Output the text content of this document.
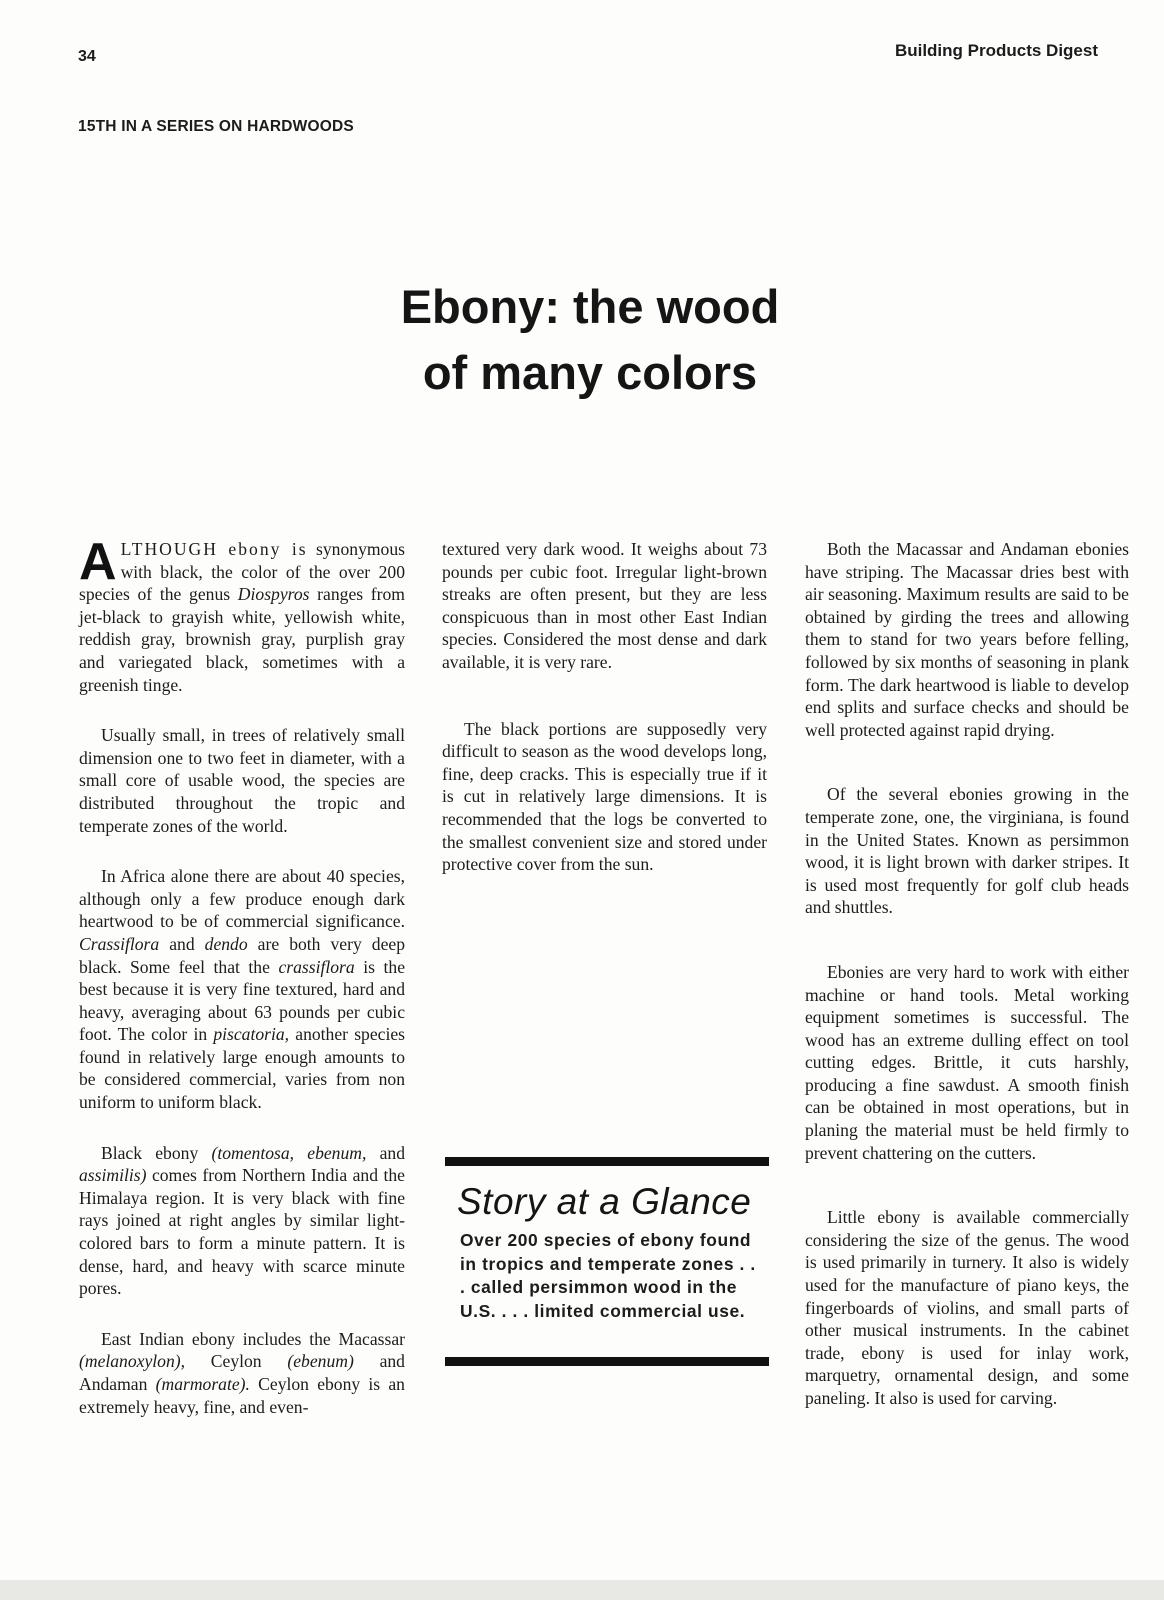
34	Building Products Digest
15TH IN A SERIES ON HARDWOODS
Ebony: the wood
of many colors

ALTHOUGH ebony is synonymous with black, the color of the over 200 species of the genus Diospyros ranges from jet-black to grayish white, yellowish white, reddish gray, brownish gray, purplish gray and variegated black, sometimes with a greenish tinge.

Usually small, in trees of relatively small dimension one to two feet in diameter, with a small core of usable wood, the species are distributed throughout the tropic and temperate zones of the world.

In Africa alone there are about 40 species, although only a few produce enough dark heartwood to be of commercial significance. Crassiflora and dendo are both very deep black. Some feel that the crassiflora is the best because it is very fine textured, hard and heavy, averaging about 63 pounds per cubic foot. The color in piscatoria, another species found in relatively large enough amounts to be considered commercial, varies from non uniform to uniform black.

Black ebony (tomentosa, ebenum, and assimilis) comes from Northern India and the Himalaya region. It is very black with fine rays joined at right angles by similar light-colored bars to form a minute pattern. It is dense, hard, and heavy with scarce minute pores.

East Indian ebony includes the Macassar (melanoxylon), Ceylon (ebenum) and Andaman (marmorate). Ceylon ebony is an extremely heavy, fine, and even-

textured very dark wood. It weighs about 73 pounds per cubic foot. Irregular light-brown streaks are often present, but they are less conspicuous than in most other East Indian species. Considered the most dense and dark available, it is very rare.

The black portions are supposedly very difficult to season as the wood develops long, fine, deep cracks. This is especially true if it is cut in relatively large dimensions. It is recommended that the logs be converted to the smallest convenient size and stored under protective cover from the sun.

Story at a Glance
Over 200 species of ebony found in tropics and temperate zones . . . called persimmon wood in the U.S. . . . limited commercial use.

Both the Macassar and Andaman ebonies have striping. The Macassar dries best with air seasoning. Maximum results are said to be obtained by girding the trees and allowing them to stand for two years before felling, followed by six months of seasoning in plank form. The dark heartwood is liable to develop end splits and surface checks and should be well protected against rapid drying.

Of the several ebonies growing in the temperate zone, one, the virginiana, is found in the United States. Known as persimmon wood, it is light brown with darker stripes. It is used most frequently for golf club heads and shuttles.

Ebonies are very hard to work with either machine or hand tools. Metal working equipment sometimes is successful. The wood has an extreme dulling effect on tool cutting edges. Brittle, it cuts harshly, producing a fine sawdust. A smooth finish can be obtained in most operations, but in planing the material must be held firmly to prevent chattering on the cutters.

Little ebony is available commercially considering the size of the genus. The wood is used primarily in turnery. It also is widely used for the manufacture of piano keys, the fingerboards of violins, and small parts of other musical instruments. In the cabinet trade, ebony is used for inlay work, marquetry, ornamental design, and some paneling. It also is used for carving.
